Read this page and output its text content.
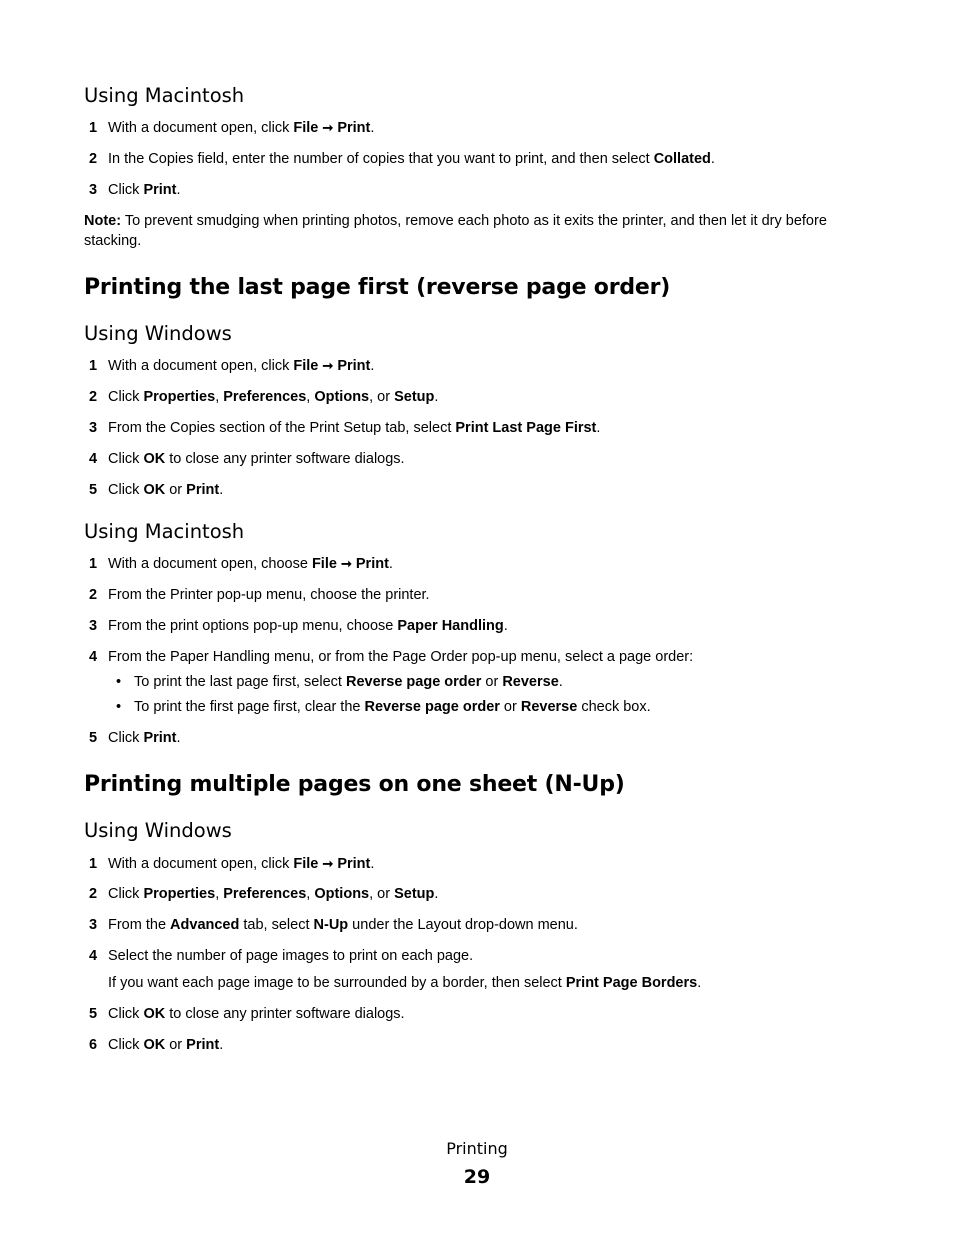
Using Macintosh
1 With a document open, click File ➞ Print.
2 In the Copies field, enter the number of copies that you want to print, and then select Collated.
3 Click Print.
Note: To prevent smudging when printing photos, remove each photo as it exits the printer, and then let it dry before stacking.
Printing the last page first (reverse page order)
Using Windows
1 With a document open, click File ➞ Print.
2 Click Properties, Preferences, Options, or Setup.
3 From the Copies section of the Print Setup tab, select Print Last Page First.
4 Click OK to close any printer software dialogs.
5 Click OK or Print.
Using Macintosh
1 With a document open, choose File ➞ Print.
2 From the Printer pop-up menu, choose the printer.
3 From the print options pop-up menu, choose Paper Handling.
4 From the Paper Handling menu, or from the Page Order pop-up menu, select a page order:
• To print the last page first, select Reverse page order or Reverse.
• To print the first page first, clear the Reverse page order or Reverse check box.
5 Click Print.
Printing multiple pages on one sheet (N-Up)
Using Windows
1 With a document open, click File ➞ Print.
2 Click Properties, Preferences, Options, or Setup.
3 From the Advanced tab, select N-Up under the Layout drop-down menu.
4 Select the number of page images to print on each page.
If you want each page image to be surrounded by a border, then select Print Page Borders.
5 Click OK to close any printer software dialogs.
6 Click OK or Print.
Printing
29
